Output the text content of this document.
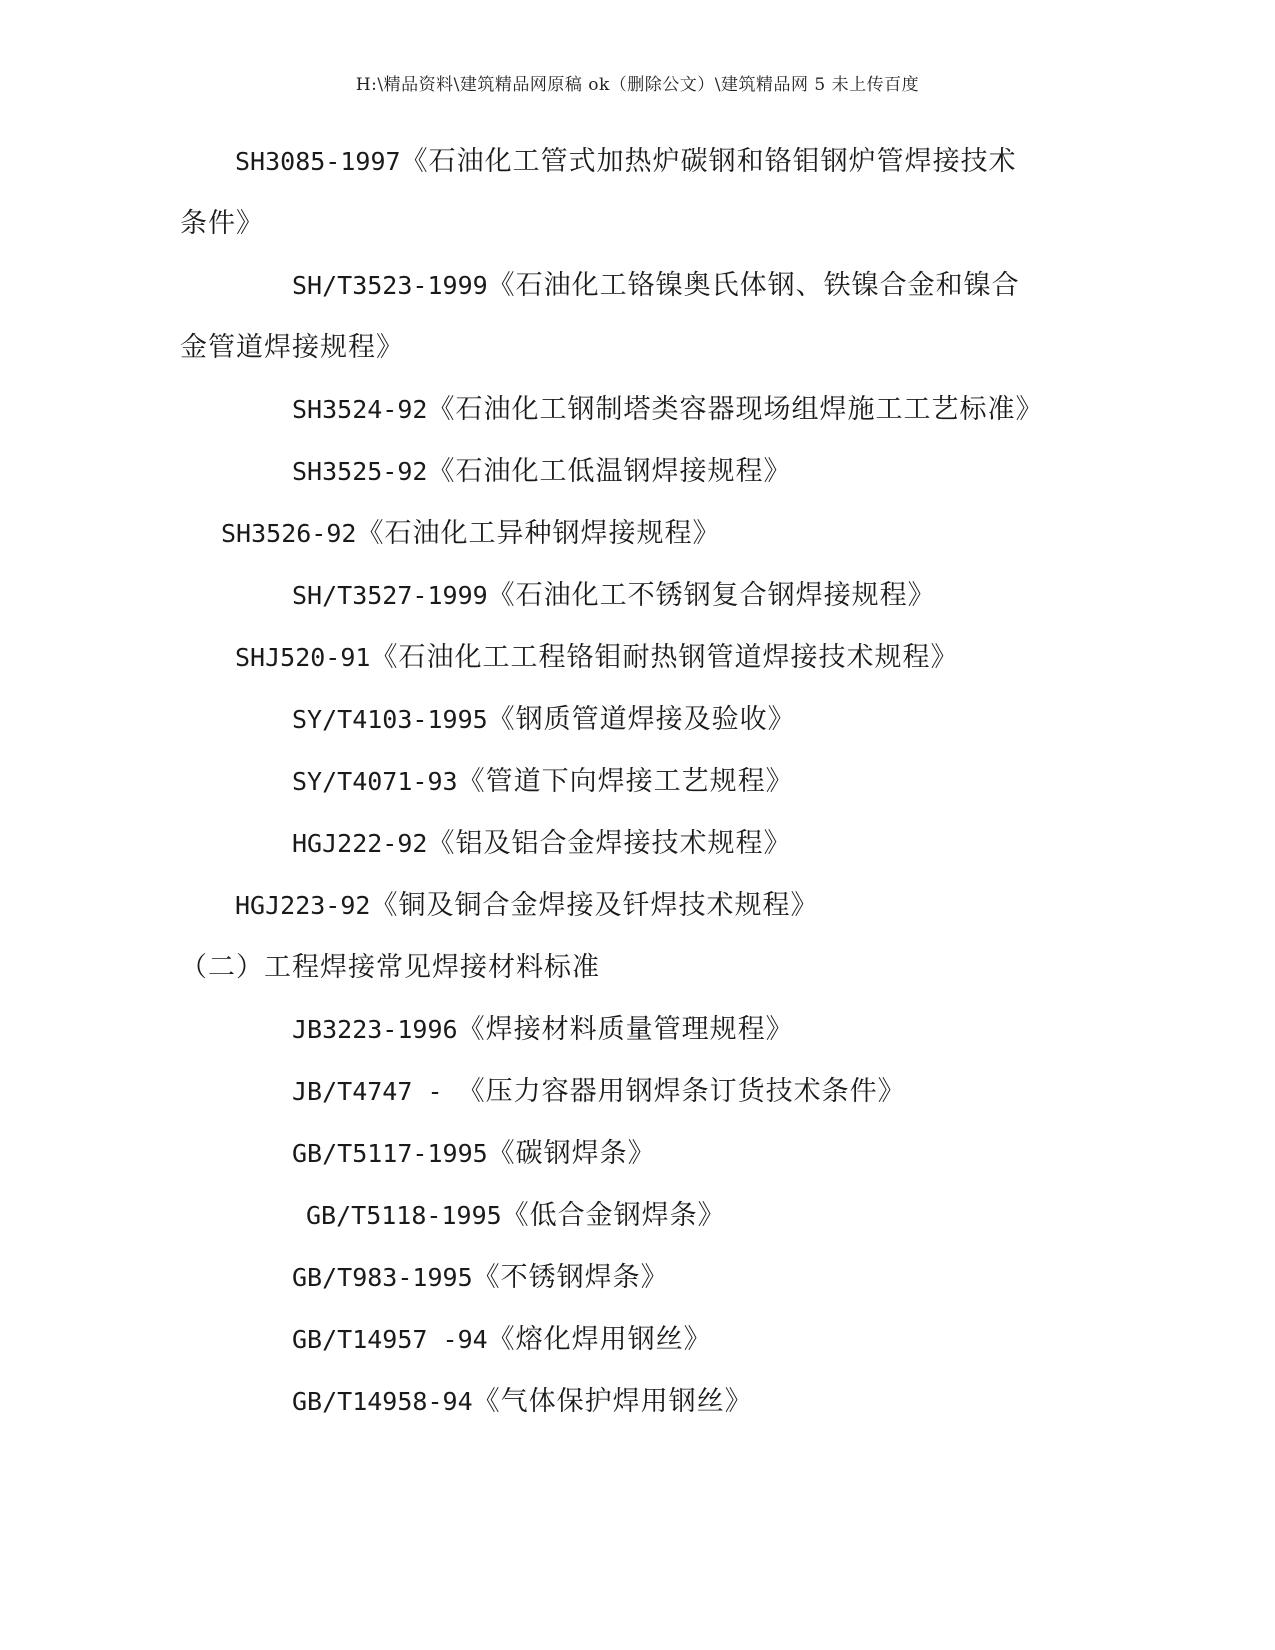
H:\精品资料\建筑精品网原稿 ok（删除公文）\建筑精品网 5 未上传百度
SH3085-1997《石油化工管式加热炉碳钢和铬钼钢炉管焊接技术
条件》
SH/T3523-1999《石油化工铬镍奥氏体钢、铁镍合金和镍合
金管道焊接规程》
SH3524-92《石油化工钢制塔类容器现场组焊施工工艺标准》
SH3525-92《石油化工低温钢焊接规程》
SH3526-92《石油化工异种钢焊接规程》
SH/T3527-1999《石油化工不锈钢复合钢焊接规程》
SHJ520-91《石油化工工程铬钼耐热钢管道焊接技术规程》
SY/T4103-1995《钢质管道焊接及验收》
SY/T4071-93《管道下向焊接工艺规程》
HGJ222-92《铝及铝合金焊接技术规程》
HGJ223-92《铜及铜合金焊接及钎焊技术规程》
（二）工程焊接常见焊接材料标准
JB3223-1996《焊接材料质量管理规程》
JB/T4747 - 《压力容器用钢焊条订货技术条件》
GB/T5117-1995《碳钢焊条》
GB/T5118-1995《低合金钢焊条》
GB/T983-1995《不锈钢焊条》
GB/T14957 -94《熔化焊用钢丝》
GB/T14958-94《气体保护焊用钢丝》
